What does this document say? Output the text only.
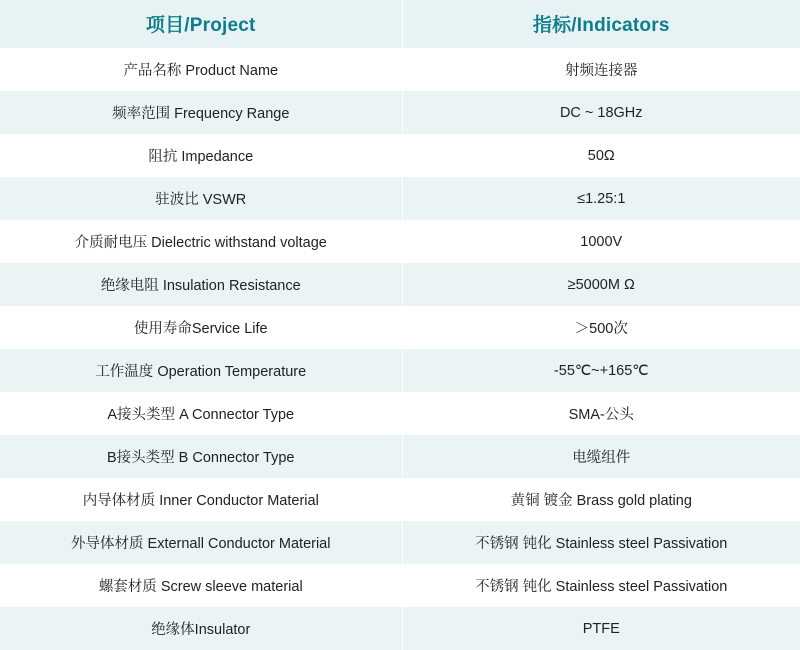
项目/Project	指标/Indicators
产品名称 Product Name	射频连接器
频率范围 Frequency Range	DC ~ 18GHz
阻抗 Impedance	50Ω
驻波比 VSWR	≤1.25:1
介质耐电压 Dielectric withstand voltage	1000V
绝缘电阻 Insulation Resistance	≥5000M Ω
使用寿命Service Life	＞500次
工作温度 Operation Temperature	-55℃~+165℃
A接头类型 A Connector Type	SMA-公头
B接头类型 B Connector Type	电缆组件
内导体材质 Inner Conductor Material	黄铜 镀金 Brass gold plating
外导体材质 Externall Conductor Material	不锈钢 钝化 Stainless steel Passivation
螺套材质 Screw sleeve material	不锈钢 钝化 Stainless steel Passivation
绝缘体Insulator	PTFE
